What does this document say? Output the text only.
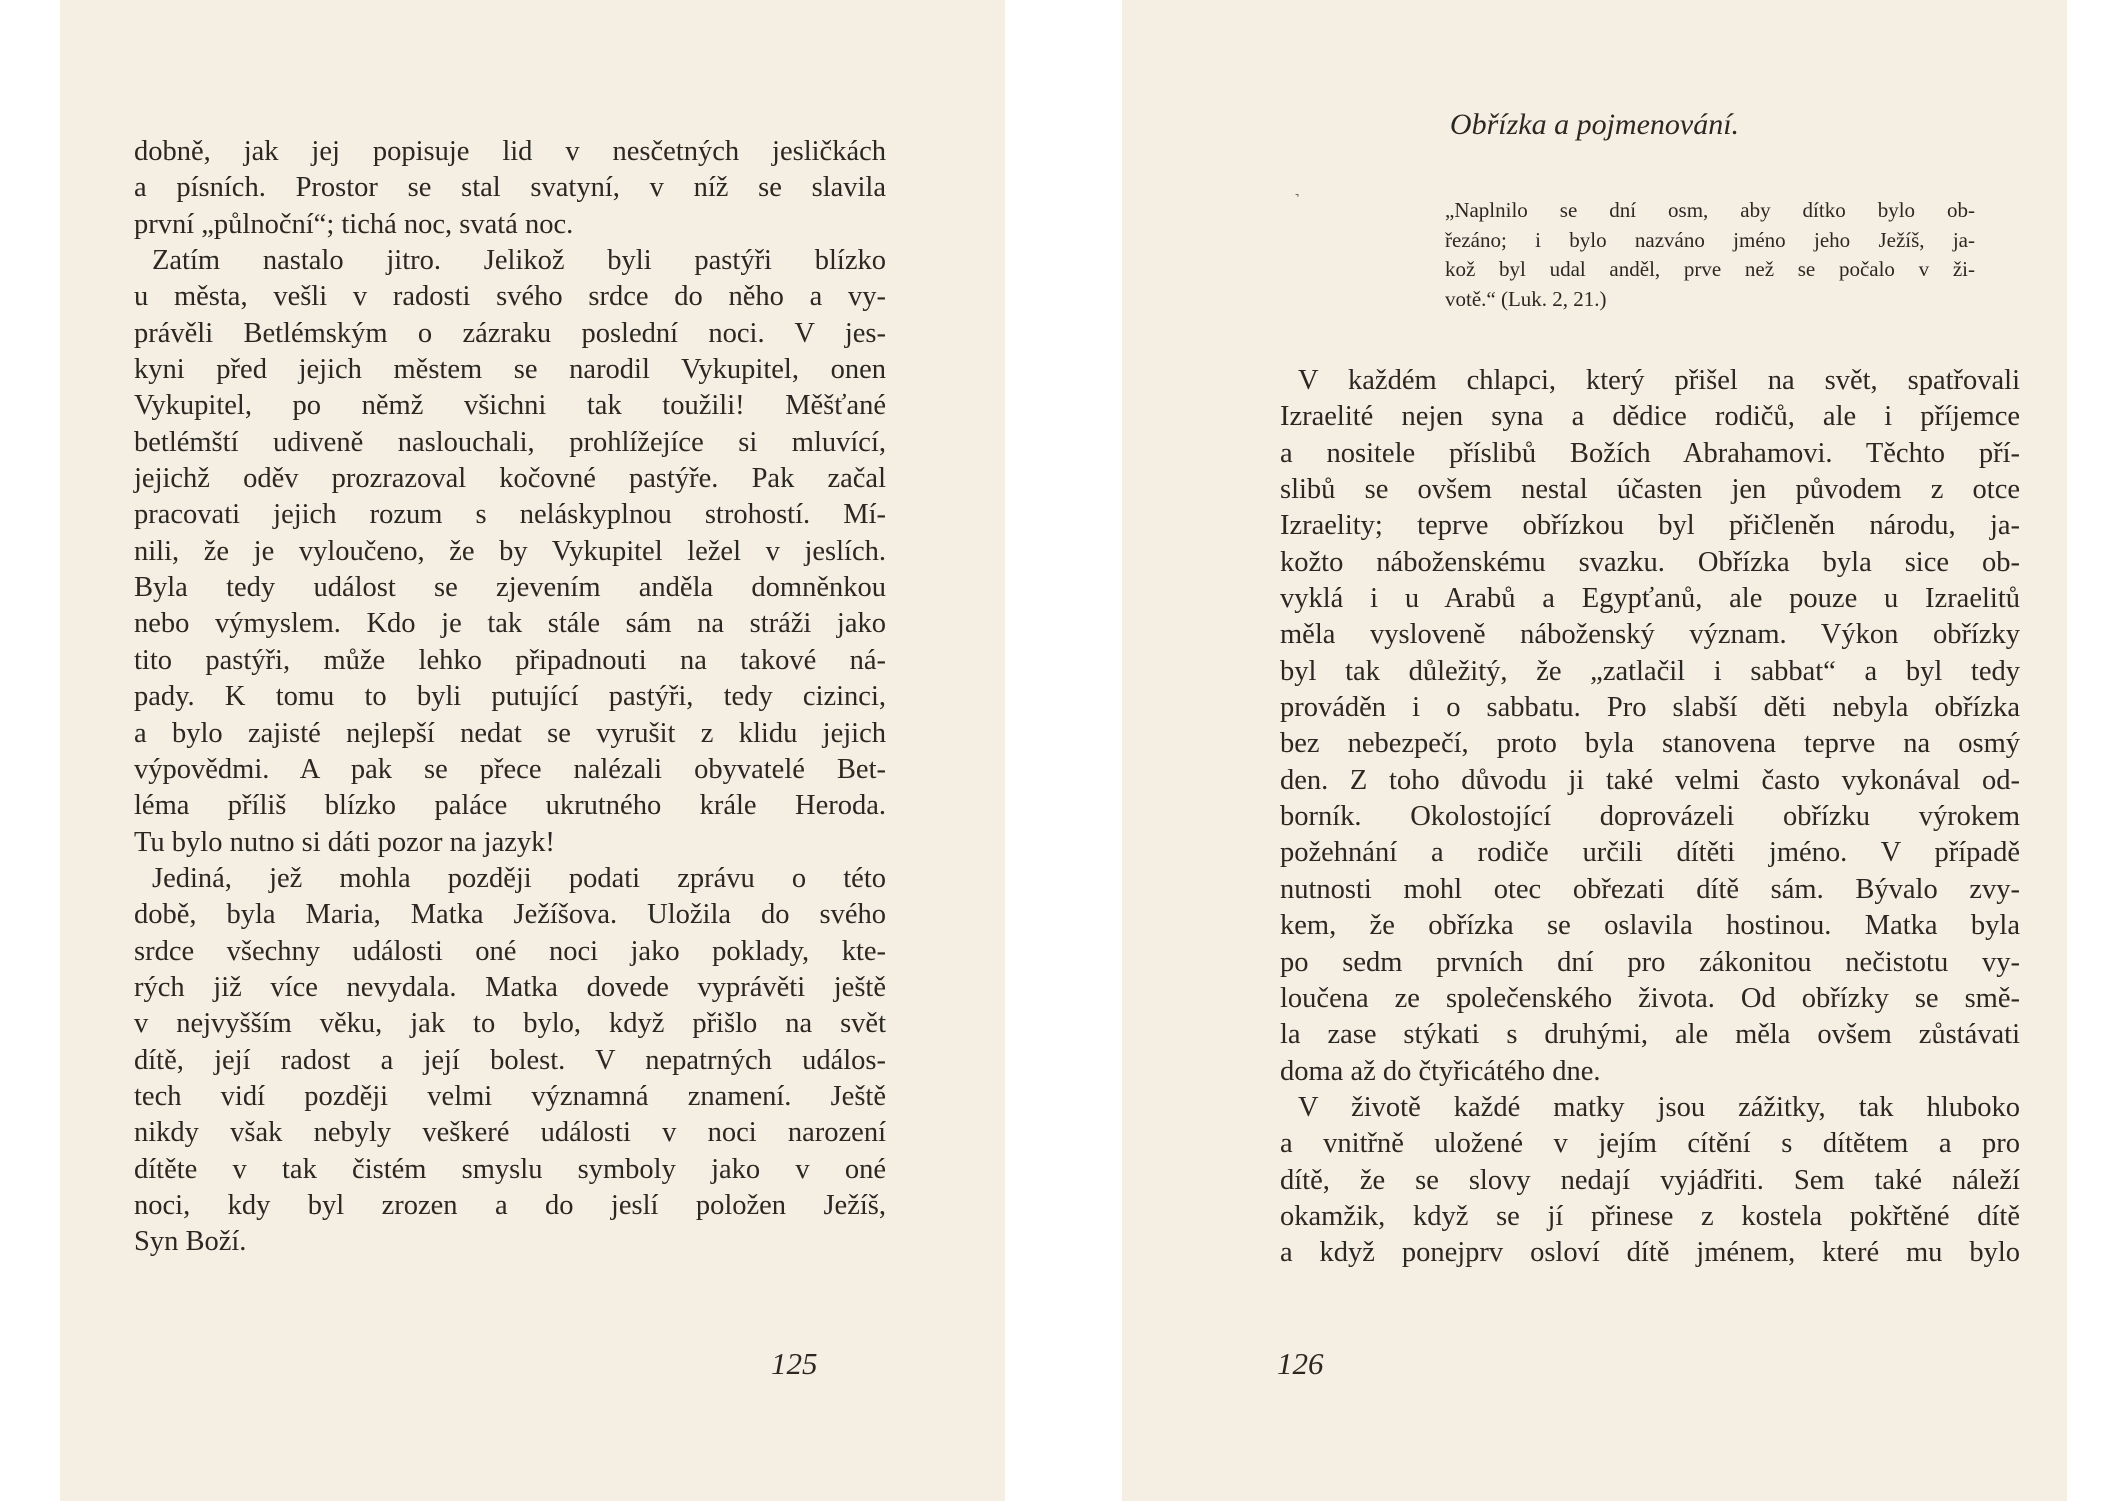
dobně, jak jej popisuje lid v nesčetných jesličkách
a písních. Prostor se stal svatyní, v níž se slavila
první „půlnoční“; tichá noc, svatá noc.
Zatím nastalo jitro. Jelikož byli pastýři blízko
u města, vešli v radosti svého srdce do něho a vy-
právěli Betlémským o zázraku poslední noci. V jes-
kyni před jejich městem se narodil Vykupitel, onen
Vykupitel, po němž všichni tak toužili! Měšťané
betlémští udiveně naslouchali, prohlížejíce si mluvící,
jejichž oděv prozrazoval kočovné pastýře. Pak začal
pracovati jejich rozum s neláskyplnou strohostí. Mí-
nili, že je vyloučeno, že by Vykupitel ležel v jeslích.
Byla tedy událost se zjevením anděla domněnkou
nebo výmyslem. Kdo je tak stále sám na stráži jako
tito pastýři, může lehko připadnouti na takové ná-
pady. K tomu to byli putující pastýři, tedy cizinci,
a bylo zajisté nejlepší nedat se vyrušit z klidu jejich
výpovědmi. A pak se přece nalézali obyvatelé Bet-
léma příliš blízko paláce ukrutného krále Heroda.
Tu bylo nutno si dáti pozor na jazyk!
Jediná, jež mohla později podati zprávu o této
době, byla Maria, Matka Ježíšova. Uložila do svého
srdce všechny události oné noci jako poklady, kte-
rých již více nevydala. Matka dovede vyprávěti ještě
v nejvyšším věku, jak to bylo, když přišlo na svět
dítě, její radost a její bolest. V nepatrných událos-
tech vidí později velmi významná znamení. Ještě
nikdy však nebyly veškeré události v noci narození
dítěte v tak čistém smyslu symboly jako v oné
noci, kdy byl zrozen a do jeslí položen Ježíš,
Syn Boží.
125
Obřízka a pojmenování.
˺	„Naplnilo se dní osm, aby dítko bylo ob-
řezáno; i bylo nazváno jméno jeho Ježíš, ja-
kož byl udal anděl, prve než se počalo v ži-
votě.“ (Luk. 2, 21.)
V každém chlapci, který přišel na svět, spatřovali
Izraelité nejen syna a dědice rodičů, ale i příjemce
a nositele příslibů Božích Abrahamovi. Těchto pří-
slibů se ovšem nestal účasten jen původem z otce
Izraelity; teprve obřízkou byl přičleněn národu, ja-
kožto náboženskému svazku. Obřízka byla sice ob-
vyklá i u Arabů a Egypťanů, ale pouze u Izraelitů
měla vysloveně náboženský význam. Výkon obřízky
byl tak důležitý, že „zatlačil i sabbat“ a byl tedy
prováděn i o sabbatu. Pro slabší děti nebyla obřízka
bez nebezpečí, proto byla stanovena teprve na osmý
den. Z toho důvodu ji také velmi často vykonával od-
borník. Okolostojící doprovázeli obřízku výrokem
požehnání a rodiče určili dítěti jméno. V případě
nutnosti mohl otec obřezati dítě sám. Bývalo zvy-
kem, že obřízka se oslavila hostinou. Matka byla
po sedm prvních dní pro zákonitou nečistotu vy-
loučena ze společenského života. Od obřízky se smě-
la zase stýkati s druhými, ale měla ovšem zůstávati
doma až do čtyřicátého dne.
V životě každé matky jsou zážitky, tak hluboko
a vnitřně uložené v jejím cítění s dítětem a pro
dítě, že se slovy nedají vyjádřiti. Sem také náleží
okamžik, když se jí přinese z kostela pokřtěné dítě
a když ponejprv osloví dítě jménem, které mu bylo
126
